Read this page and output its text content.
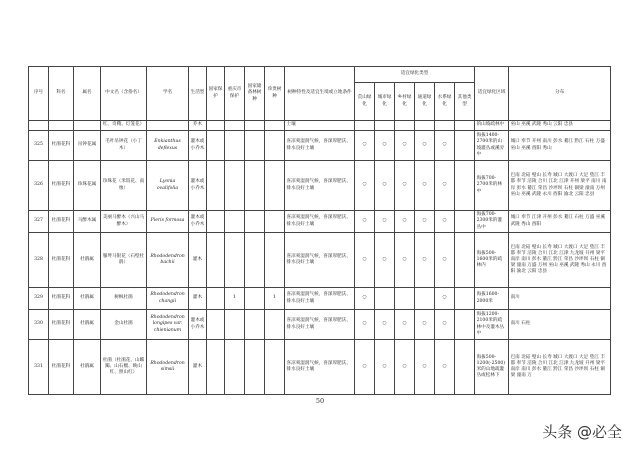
序号	科名	属名	中文名（含俗名）	学名	生活型	国家保护	重庆市保护	国家储备林树种	珍贵树种	树种特性及适宜生境或立地条件	适宜绿化类型						适宜绿化区域	分布
											荒山绿化	城市绿化	乡村绿化	通道绿化	水系绿化	其他类型		
			红、奇鞘、灯笼花）		乔木					土壤							的山坡疏林中	巫山 巫溪 武隆 秀山 云阳 忠县
325	杜鹃花科	吊钟花属	毛叶吊钟花（小丁木）	Enkianthus deflexus	灌木或小乔木					喜凉爽湿润气候，喜深厚肥沃、排水良好土壤	○	○	○	○	○		海拔1400-2700米的山坡灌丛或溪旁中	城口 奉节 开州 南川 彭水 綦江 黔江 石柱 万盛 巫山 巫溪 酉阳 秀山
326	杜鹃花科	珍珠花属	珍珠花（米饭花、南烛）	Lyonia ovalifolia	灌木或小乔木					喜凉爽湿润气候，喜深厚肥沃、排水良好土壤	○	○	○	○	○		海拔700-2700米的林中	巴南 北碚 璧山 长寿 城口 大渡口 大足 垫江 丰都 奉节 涪陵 合川 江北 江津 开州 梁平 南川 南岸 彭水 綦江 荣昌 沙坪坝 石柱 铜梁 潼南 万州 巫山 巫溪 武隆 永川 酉阳 渝北 云阳 忠县
327	杜鹃花科	马醉木属	美丽马醉木（兴山马醉木）	Pieris formosa	灌木或小乔木					喜凉爽湿润气候，喜深厚肥沃、排水良好土壤	○	○	○	○	○		海拔700-2300米的灌丛中	城口 奉节 江津 开州 彭水 綦江 石柱 万盛 巫溪 武隆 秀山 酉阳
328	杜鹃花科	杜鹃属	腺萼马银花（石壁杜鹃）	Rhododendron bachii	灌木					喜凉爽湿润气候，喜深厚肥沃、排水良好土壤	○	○	○	○	○		海拔500-1600米的疏林内	巴南 北碚 璧山 长寿 城口 大渡口 大足 垫江 丰都 奉节 涪陵 合川 江北 江津 九龙坡 开州 梁平 南岸 南川 彭水 綦江 黔江 荣昌 沙坪坝 石柱 铜梁 潼南 万盛 万州 巫山 巫溪 武隆 秀山 永川 酉阳 渝北 云阳 忠县
329	杜鹃花科	杜鹃属	树枫杜鹃	Rhododendron changii	灌木		1		1	喜凉爽湿润气候，喜深厚肥沃、排水良好土壤	○				○		海拔1600-2000米	南川
330	杜鹃花科	杜鹃属	金山杜鹃	Rhododendron longipes var. chienianum	灌木或小乔木					喜凉爽湿润气候，喜深厚肥沃、排水良好土壤	○	○	○	○	○		海拔1200-2100米的疏林中及灌木丛中	南川 石柱
331	杜鹃花科	杜鹃属	杜鹃（杜鹃花、山踯躅、山石榴、映山红、照山红）	Rhododendron simsii	灌木					喜凉爽湿润气候，喜深厚肥沃、排水良好土壤	○	○	○	○	○		海拔500-1200(-2500)米的山地疏灌丛或松林下	巴南 北碚 璧山 长寿 城口 大渡口 大足 垫江 丰都 奉节 涪陵 合川 江北 江津 九龙坡 开州 梁平 南岸 南川 彭水 綦江 黔江 荣昌 沙坪坝 石柱 铜梁 潼南 万
50
头条 @必全
